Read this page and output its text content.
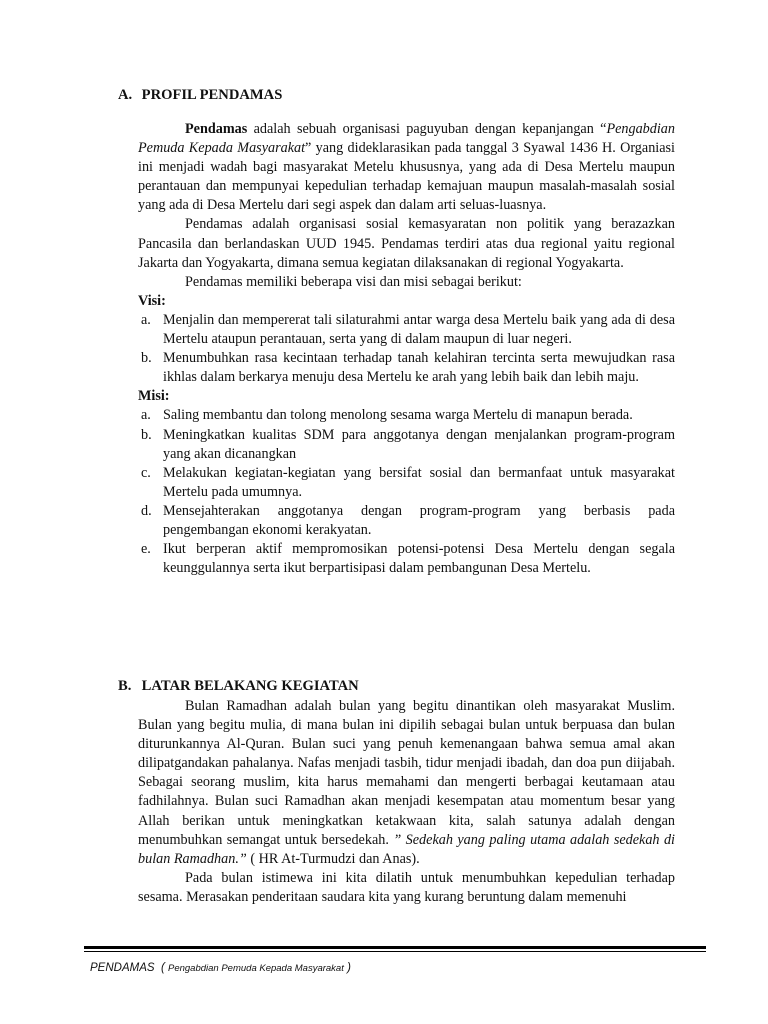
A. PROFIL PENDAMAS

Pendamas adalah sebuah organisasi paguyuban dengan kepanjangan “Pengabdian Pemuda Kepada Masyarakat” yang dideklarasikan pada tanggal 3 Syawal 1436 H. Organiasi ini menjadi wadah bagi masyarakat Metelu khususnya, yang ada di Desa Mertelu maupun perantauan dan mempunyai kepedulian terhadap kemajuan maupun masalah-masalah sosial yang ada di Desa Mertelu dari segi aspek dan dalam arti seluas-luasnya.

Pendamas adalah organisasi sosial kemasyaratan non politik yang berazazkan Pancasila dan berlandaskan UUD 1945. Pendamas terdiri atas dua regional yaitu regional Jakarta dan Yogyakarta, dimana semua kegiatan dilaksanakan di regional Yogyakarta.

Pendamas memiliki beberapa visi dan misi sebagai berikut:

Visi:

a. Menjalin dan mempererat tali silaturahmi antar warga desa Mertelu baik yang ada di desa Mertelu ataupun perantauan, serta yang di dalam maupun di luar negeri.

b. Menumbuhkan rasa kecintaan terhadap tanah kelahiran tercinta serta mewujudkan rasa ikhlas dalam berkarya menuju desa Mertelu ke arah yang lebih baik dan lebih maju.

Misi:

a. Saling membantu dan tolong menolong sesama warga Mertelu di manapun berada.

b. Meningkatkan kualitas SDM para anggotanya dengan menjalankan program-program yang akan dicanangkan

c. Melakukan kegiatan-kegiatan yang bersifat sosial dan bermanfaat untuk masyarakat Mertelu pada umumnya.

d. Mensejahterakan anggotanya dengan program-program yang berbasis pada pengembangan ekonomi kerakyatan.

e. Ikut berperan aktif mempromosikan potensi-potensi Desa Mertelu dengan segala keunggulannya serta ikut berpartisipasi dalam pembangunan Desa Mertelu.

B. LATAR BELAKANG KEGIATAN

Bulan Ramadhan adalah bulan yang begitu dinantikan oleh masyarakat Muslim. Bulan yang begitu mulia, di mana bulan ini dipilih sebagai bulan untuk berpuasa dan bulan diturunkannya Al-Quran. Bulan suci yang penuh kemenangaan bahwa semua amal akan dilipatgandakan pahalanya. Nafas menjadi tasbih, tidur menjadi ibadah, dan doa pun diijabah. Sebagai seorang muslim, kita harus memahami dan mengerti berbagai keutamaan atau fadhilahnya. Bulan suci Ramadhan akan menjadi kesempatan atau momentum besar yang Allah berikan untuk meningkatkan ketakwaan kita, salah satunya adalah dengan menumbuhkan semangat untuk bersedekah. ” Sedekah yang paling utama adalah sedekah di bulan Ramadhan.” ( HR At-Turmudzi dan Anas).

Pada bulan istimewa ini kita dilatih untuk menumbuhkan kepedulian terhadap sesama. Merasakan penderitaan saudara kita yang kurang beruntung dalam memenuhi

PENDAMAS ( Pengabdian Pemuda Kepada Masyarakat )
